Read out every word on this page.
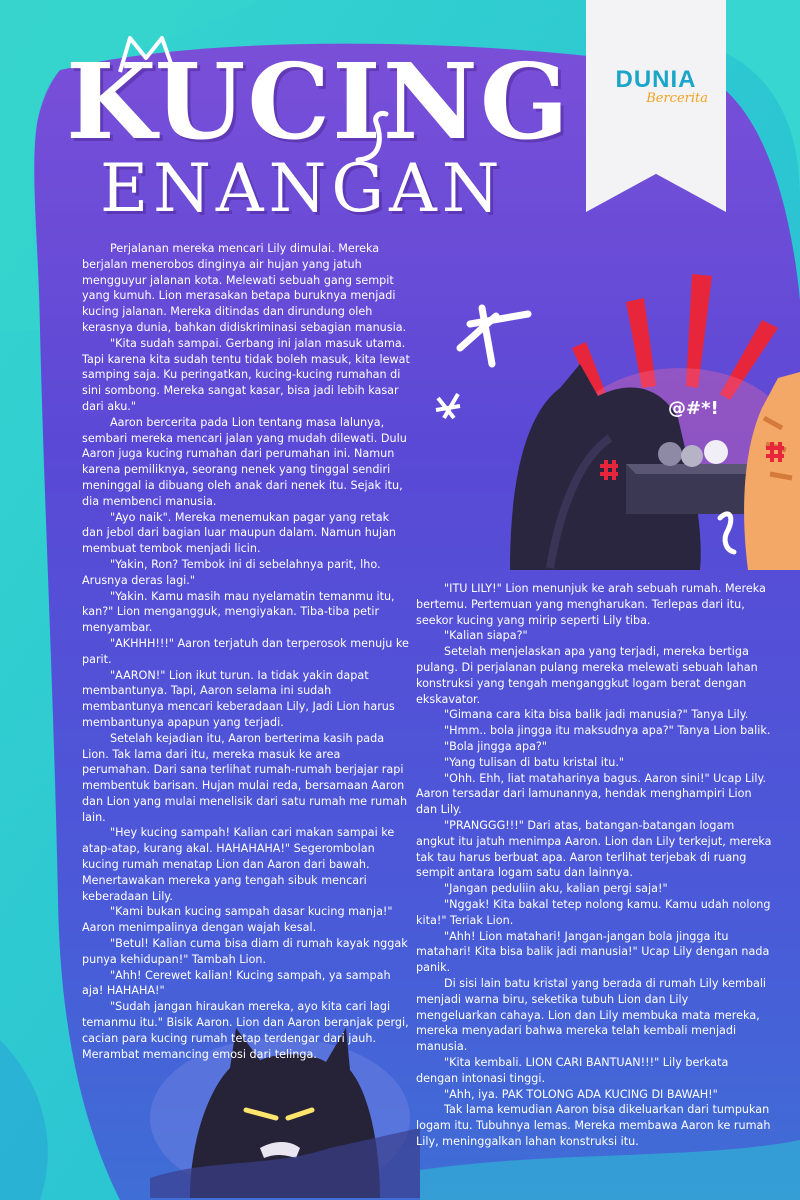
KUCING
ENANGAN
DUNIA
Bercerita
@#*!

Perjalanan mereka mencari Lily dimulai. Mereka berjalan menerobos dinginya air hujan yang jatuh mengguyur jalanan kota. Melewati sebuah gang sempit yang kumuh. Lion merasakan betapa buruknya menjadi kucing jalanan. Mereka ditindas dan dirundung oleh kerasnya dunia, bahkan didiskriminasi sebagian manusia.

"Kita sudah sampai. Gerbang ini jalan masuk utama. Tapi karena kita sudah tentu tidak boleh masuk, kita lewat samping saja. Ku peringatkan, kucing-kucing rumahan di sini sombong. Mereka sangat kasar, bisa jadi lebih kasar dari aku."

Aaron bercerita pada Lion tentang masa lalunya, sembari mereka mencari jalan yang mudah dilewati. Dulu Aaron juga kucing rumahan dari perumahan ini. Namun karena pemiliknya, seorang nenek yang tinggal sendiri meninggal ia dibuang oleh anak dari nenek itu. Sejak itu, dia membenci manusia.

"Ayo naik". Mereka menemukan pagar yang retak dan jebol dari bagian luar maupun dalam. Namun hujan membuat tembok menjadi licin.

"Yakin, Ron? Tembok ini di sebelahnya parit, lho. Arusnya deras lagi."

"Yakin. Kamu masih mau nyelamatin temanmu itu, kan?" Lion mengangguk, mengiyakan. Tiba-tiba petir menyambar.

"AKHHH!!!" Aaron terjatuh dan terperosok menuju ke parit.

"AARON!" Lion ikut turun. Ia tidak yakin dapat membantunya. Tapi, Aaron selama ini sudah membantunya mencari keberadaan Lily, Jadi Lion harus membantunya apapun yang terjadi.

Setelah kejadian itu, Aaron berterima kasih pada Lion. Tak lama dari itu, mereka masuk ke area perumahan. Dari sana terlihat rumah-rumah berjajar rapi membentuk barisan. Hujan mulai reda, bersamaan Aaron dan Lion yang mulai menelisik dari satu rumah me rumah lain.

"Hey kucing sampah! Kalian cari makan sampai ke atap-atap, kurang akal. HAHAHAHA!" Segerombolan kucing rumah menatap Lion dan Aaron dari bawah. Menertawakan mereka yang tengah sibuk mencari keberadaan Lily.

"Kami bukan kucing sampah dasar kucing manja!" Aaron menimpalinya dengan wajah kesal.

"Betul! Kalian cuma bisa diam di rumah kayak nggak punya kehidupan!" Tambah Lion.

"Ahh! Cerewet kalian! Kucing sampah, ya sampah aja! HAHAHA!"

"Sudah jangan hiraukan mereka, ayo kita cari lagi temanmu itu." Bisik Aaron. Lion dan Aaron beranjak pergi, cacian para kucing rumah tetap terdengar dari jauh. Merambat memancing emosi dari telinga.

"ITU LILY!" Lion menunjuk ke arah sebuah rumah. Mereka bertemu. Pertemuan yang mengharukan. Terlepas dari itu, seekor kucing yang mirip seperti Lily tiba.

"Kalian siapa?"

Setelah menjelaskan apa yang terjadi, mereka bertiga pulang. Di perjalanan pulang mereka melewati sebuah lahan konstruksi yang tengah menganggkut logam berat dengan ekskavator.

"Gimana cara kita bisa balik jadi manusia?" Tanya Lily.

"Hmm.. bola jingga itu maksudnya apa?" Tanya Lion balik.

"Bola jingga apa?"

"Yang tulisan di batu kristal itu."

"Ohh. Ehh, liat mataharinya bagus. Aaron sini!" Ucap Lily. Aaron tersadar dari lamunannya, hendak menghampiri Lion dan Lily.

"PRANGGG!!!" Dari atas, batangan-batangan logam angkut itu jatuh menimpa Aaron. Lion dan Lily terkejut, mereka tak tau harus berbuat apa. Aaron terlihat terjebak di ruang sempit antara logam satu dan lainnya.

"Jangan peduliin aku, kalian pergi saja!"

"Nggak! Kita bakal tetep nolong kamu. Kamu udah nolong kita!" Teriak Lion.

"Ahh! Lion matahari! Jangan-jangan bola jingga itu matahari! Kita bisa balik jadi manusia!" Ucap Lily dengan nada panik.

Di sisi lain batu kristal yang berada di rumah Lily kembali menjadi warna biru, seketika tubuh Lion dan Lily mengeluarkan cahaya. Lion dan Lily membuka mata mereka, mereka menyadari bahwa mereka telah kembali menjadi manusia.

"Kita kembali. LION CARI BANTUAN!!!" Lily berkata dengan intonasi tinggi.

"Ahh, iya. PAK TOLONG ADA KUCING DI BAWAH!"

Tak lama kemudian Aaron bisa dikeluarkan dari tumpukan logam itu. Tubuhnya lemas. Mereka membawa Aaron ke rumah Lily, meninggalkan lahan konstruksi itu.
